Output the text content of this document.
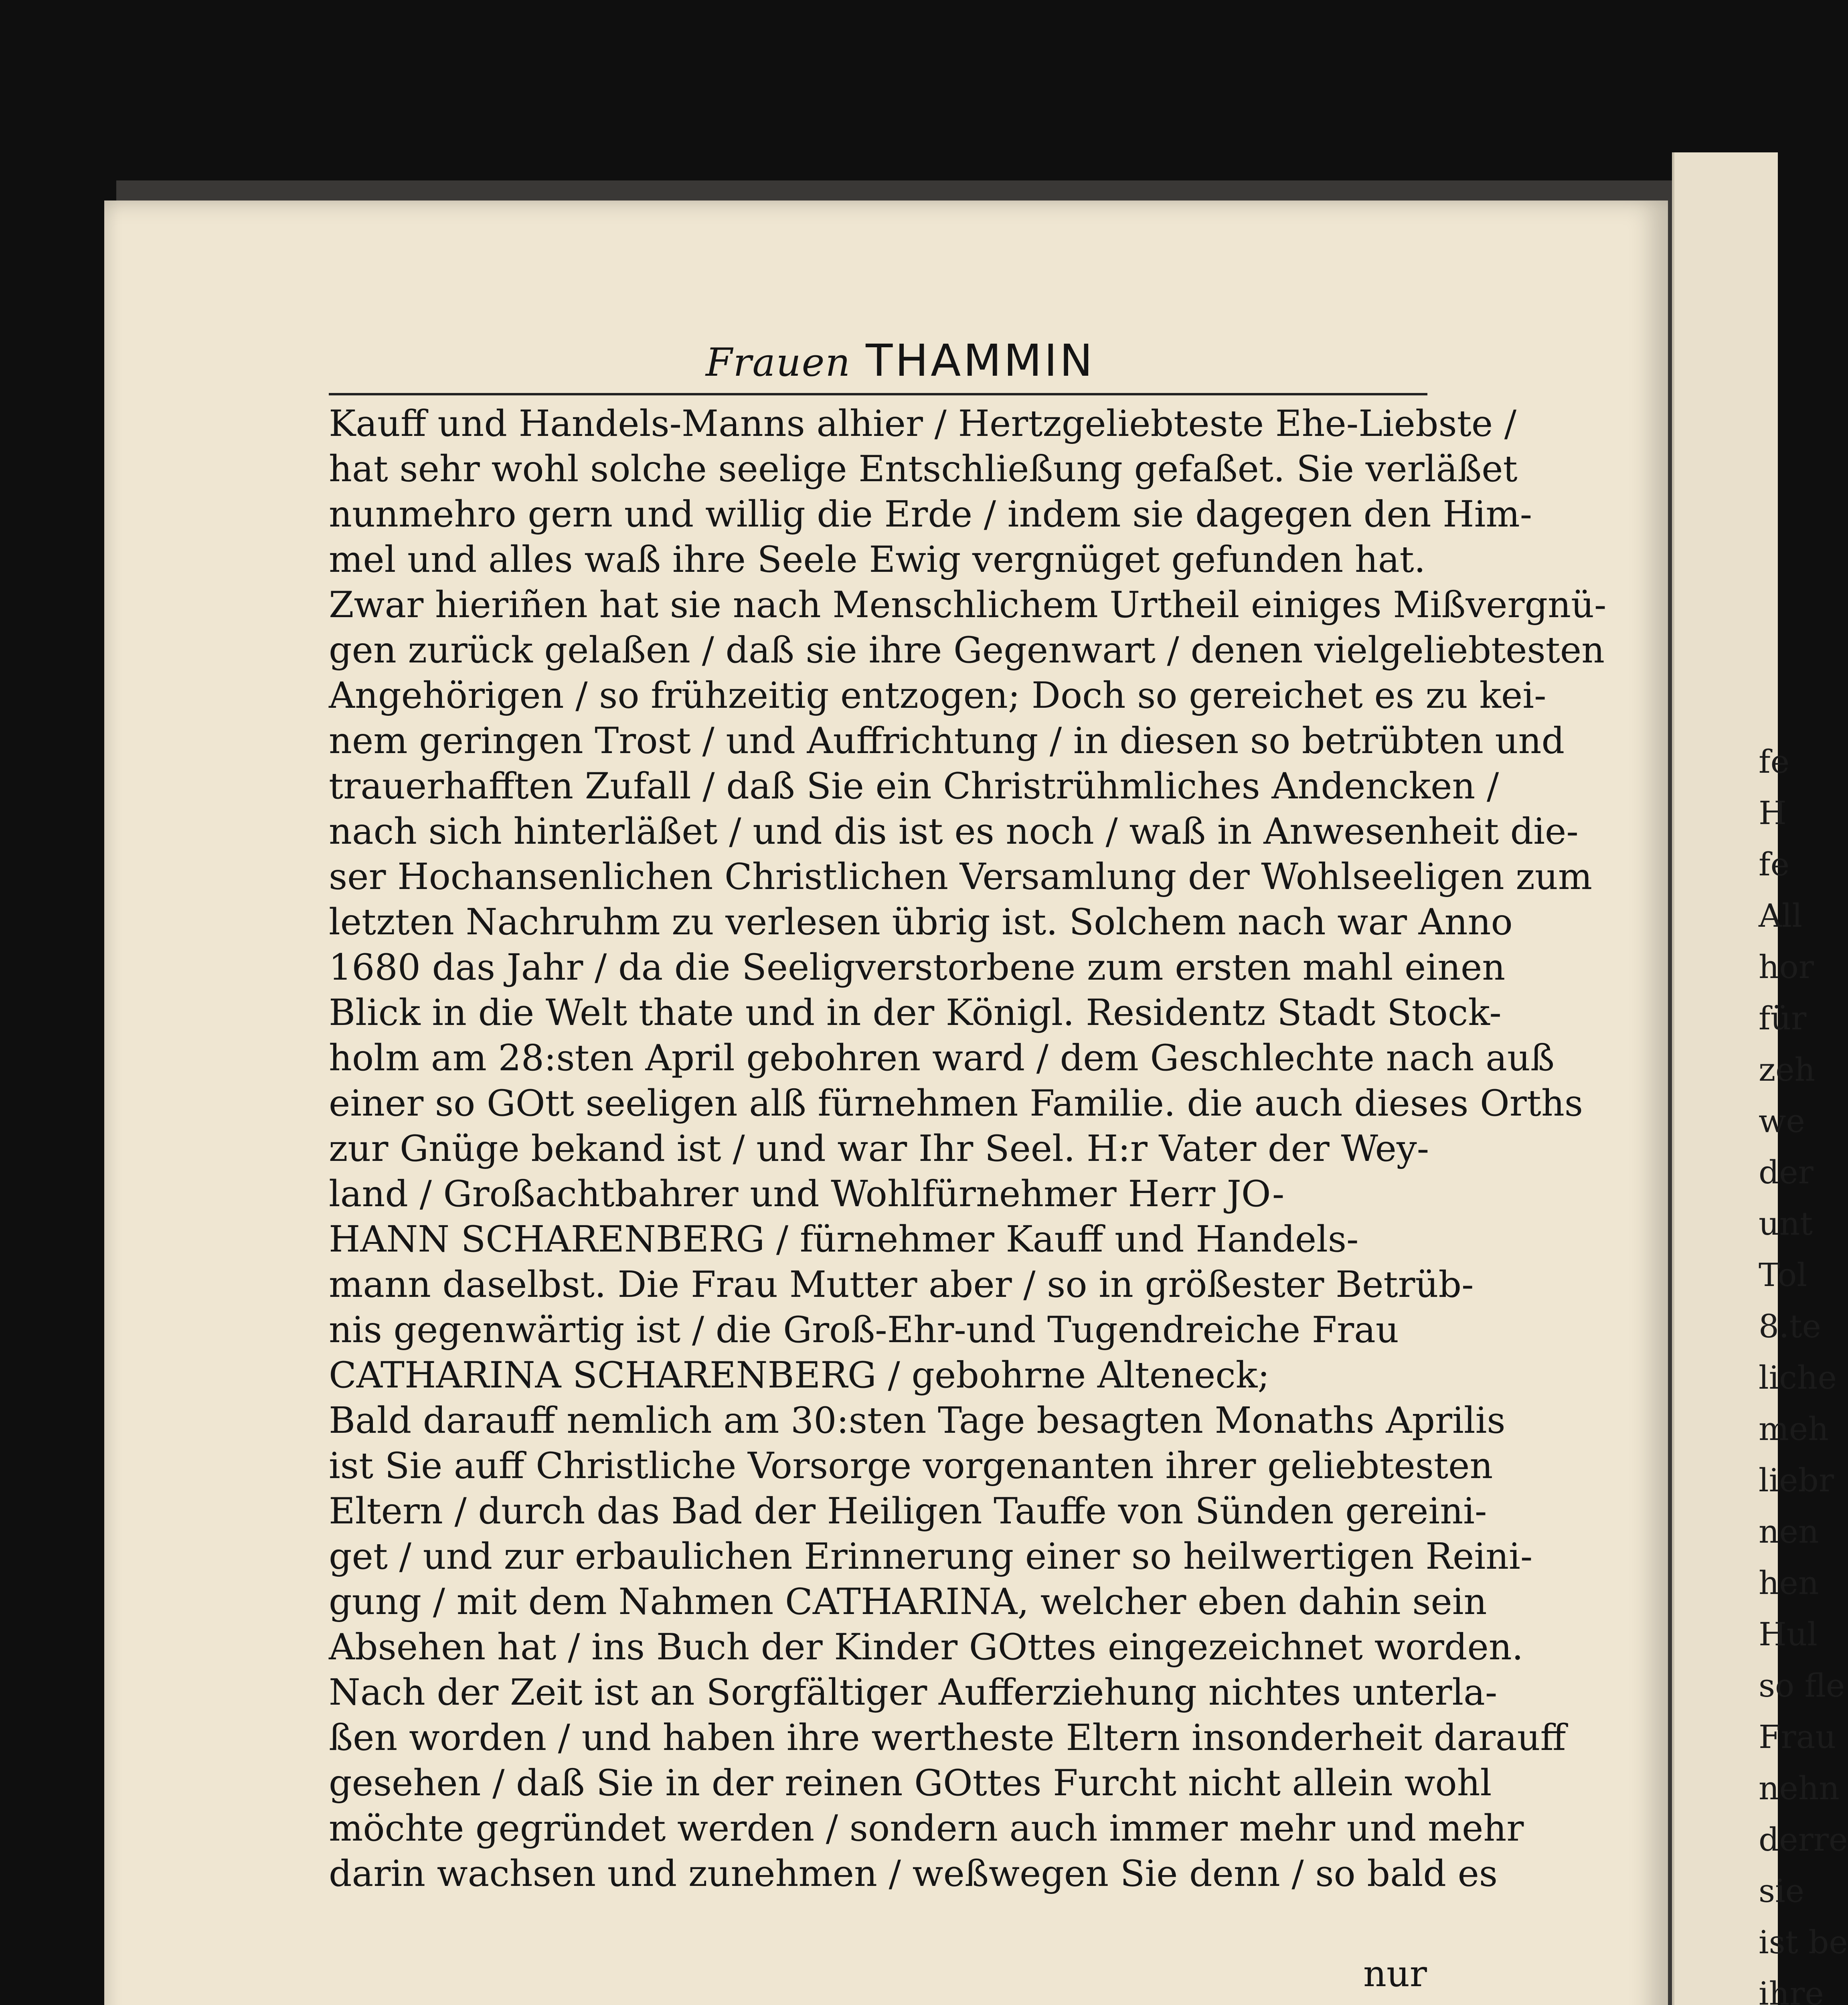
fe
H
fe
All
hor
für
zeh
we
der
unt
Tol
8.te
liche
meh
liebr
nen
hen
Hul
so fle
Frau
nehn
derre
sie
ist be
ihre
Frauen THAMMIN
Kauff und Handels-Manns alhier / Hertzgeliebteste Ehe-Liebste /
hat sehr wohl solche seelige Entschließung gefaßet. Sie verläßet
nunmehro gern und willig die Erde / indem sie dagegen den Him-
mel und alles waß ihre Seele Ewig vergnüget gefunden hat.
Zwar hieriñen hat sie nach Menschlichem Urtheil einiges Mißvergnü-
gen zurück gelaßen / daß sie ihre Gegenwart / denen vielgeliebtesten
Angehörigen / so frühzeitig entzogen; Doch so gereichet es zu kei-
nem geringen Trost / und Auffrichtung / in diesen so betrübten und
trauerhafften Zufall / daß Sie ein Christrühmliches Andencken /
nach sich hinterläßet / und dis ist es noch / waß in Anwesenheit die-
ser Hochansenlichen Christlichen Versamlung der Wohlseeligen zum
letzten Nachruhm zu verlesen übrig ist. Solchem nach war Anno
1680 das Jahr / da die Seeligverstorbene zum ersten mahl einen
Blick in die Welt thate und in der Königl. Residentz Stadt Stock-
holm am 28:sten April gebohren ward / dem Geschlechte nach auß
einer so GOtt seeligen alß fürnehmen Familie. die auch dieses Orths
zur Gnüge bekand ist / und war Ihr Seel. H:r Vater der Wey-
land / Großachtbahrer und Wohlfürnehmer Herr JO-
HANN SCHARENBERG / fürnehmer Kauff und Handels-
mann daselbst. Die Frau Mutter aber / so in größester Betrüb-
nis gegenwärtig ist / die Groß-Ehr-und Tugendreiche Frau
CATHARINA SCHARENBERG / gebohrne Alteneck;
Bald darauff nemlich am 30:sten Tage besagten Monaths Aprilis
ist Sie auff Christliche Vorsorge vorgenanten ihrer geliebtesten
Eltern / durch das Bad der Heiligen Tauffe von Sünden gereini-
get / und zur erbaulichen Erinnerung einer so heilwertigen Reini-
gung / mit dem Nahmen CATHARINA, welcher eben dahin sein
Absehen hat / ins Buch der Kinder GOttes eingezeichnet worden.
Nach der Zeit ist an Sorgfältiger Aufferziehung nichtes unterla-
ßen worden / und haben ihre wertheste Eltern insonderheit darauff
gesehen / daß Sie in der reinen GOttes Furcht nicht allein wohl
möchte gegründet werden / sondern auch immer mehr und mehr
darin wachsen und zunehmen / weßwegen Sie denn / so bald es
nur
